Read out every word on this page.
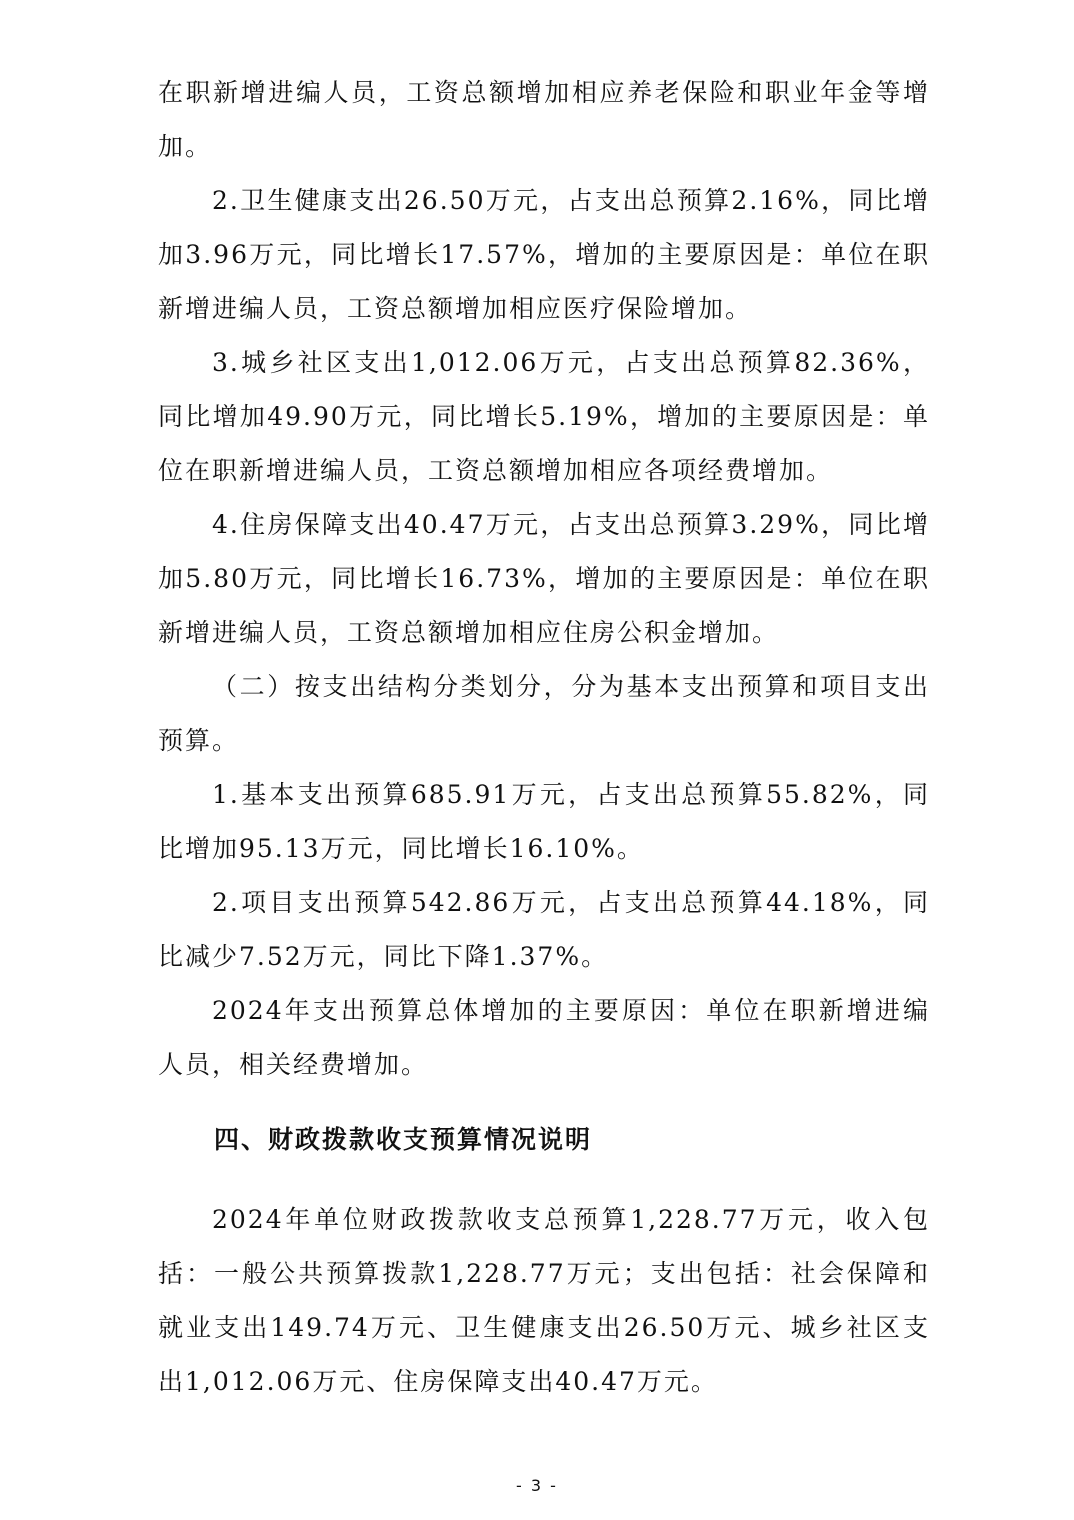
在职新增进编人员，工资总额增加相应养老保险和职业年金等增加。

2.卫生健康支出26.50万元，占支出总预算2.16%，同比增加3.96万元，同比增长17.57%，增加的主要原因是：单位在职新增进编人员，工资总额增加相应医疗保险增加。

3.城乡社区支出1,012.06万元，占支出总预算82.36%，同比增加49.90万元，同比增长5.19%，增加的主要原因是：单位在职新增进编人员，工资总额增加相应各项经费增加。

4.住房保障支出40.47万元，占支出总预算3.29%，同比增加5.80万元，同比增长16.73%，增加的主要原因是：单位在职新增进编人员，工资总额增加相应住房公积金增加。

（二）按支出结构分类划分，分为基本支出预算和项目支出预算。

1.基本支出预算685.91万元，占支出总预算55.82%，同比增加95.13万元，同比增长16.10%。

2.项目支出预算542.86万元，占支出总预算44.18%，同比减少7.52万元，同比下降1.37%。

2024年支出预算总体增加的主要原因：单位在职新增进编人员，相关经费增加。

四、财政拨款收支预算情况说明

2024年单位财政拨款收支总预算1,228.77万元，收入包括：一般公共预算拨款1,228.77万元；支出包括：社会保障和就业支出149.74万元、卫生健康支出26.50万元、城乡社区支出1,012.06万元、住房保障支出40.47万元。

- 3 -
